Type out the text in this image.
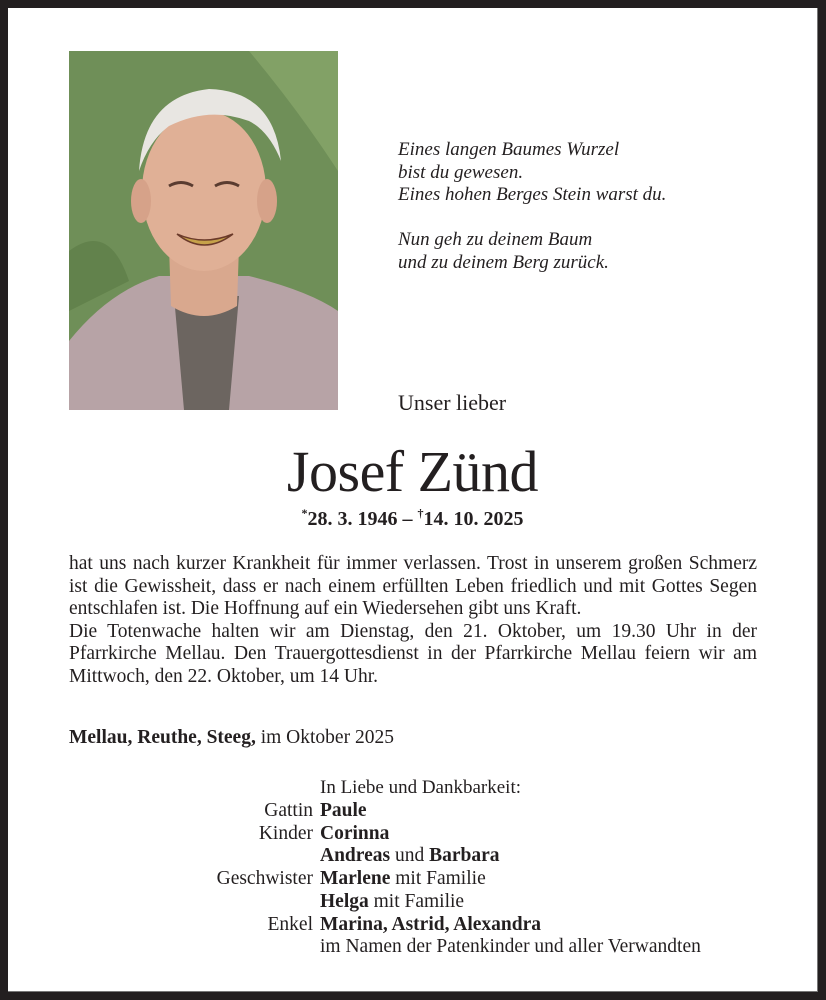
Eines langen Baumes Wurzel
bist du gewesen.
Eines hohen Berges Stein warst du.
Nun geh zu deinem Baum
und zu deinem Berg zurück.
Unser lieber
Josef Zünd
*28. 3. 1946 – †14. 10. 2025

hat uns nach kurzer Krankheit für immer verlassen. Trost in unserem großen Schmerz ist die Gewissheit, dass er nach einem erfüllten Leben friedlich und mit Gottes Segen entschlafen ist. Die Hoffnung auf ein Wiedersehen gibt uns Kraft.

Die Totenwache halten wir am Dienstag, den 21. Oktober, um 19.30 Uhr in der Pfarrkirche Mellau. Den Trauergottesdienst in der Pfarrkirche Mellau feiern wir am Mittwoch, den 22. Oktober, um 14 Uhr.

Mellau, Reuthe, Steeg, im Oktober 2025
In Liebe und Dankbarkeit:
Gattin Paule
Kinder Corinna
Andreas und Barbara
Geschwister Marlene mit Familie
Helga mit Familie
Enkel Marina, Astrid, Alexandra
im Namen der Patenkinder und aller Verwandten
